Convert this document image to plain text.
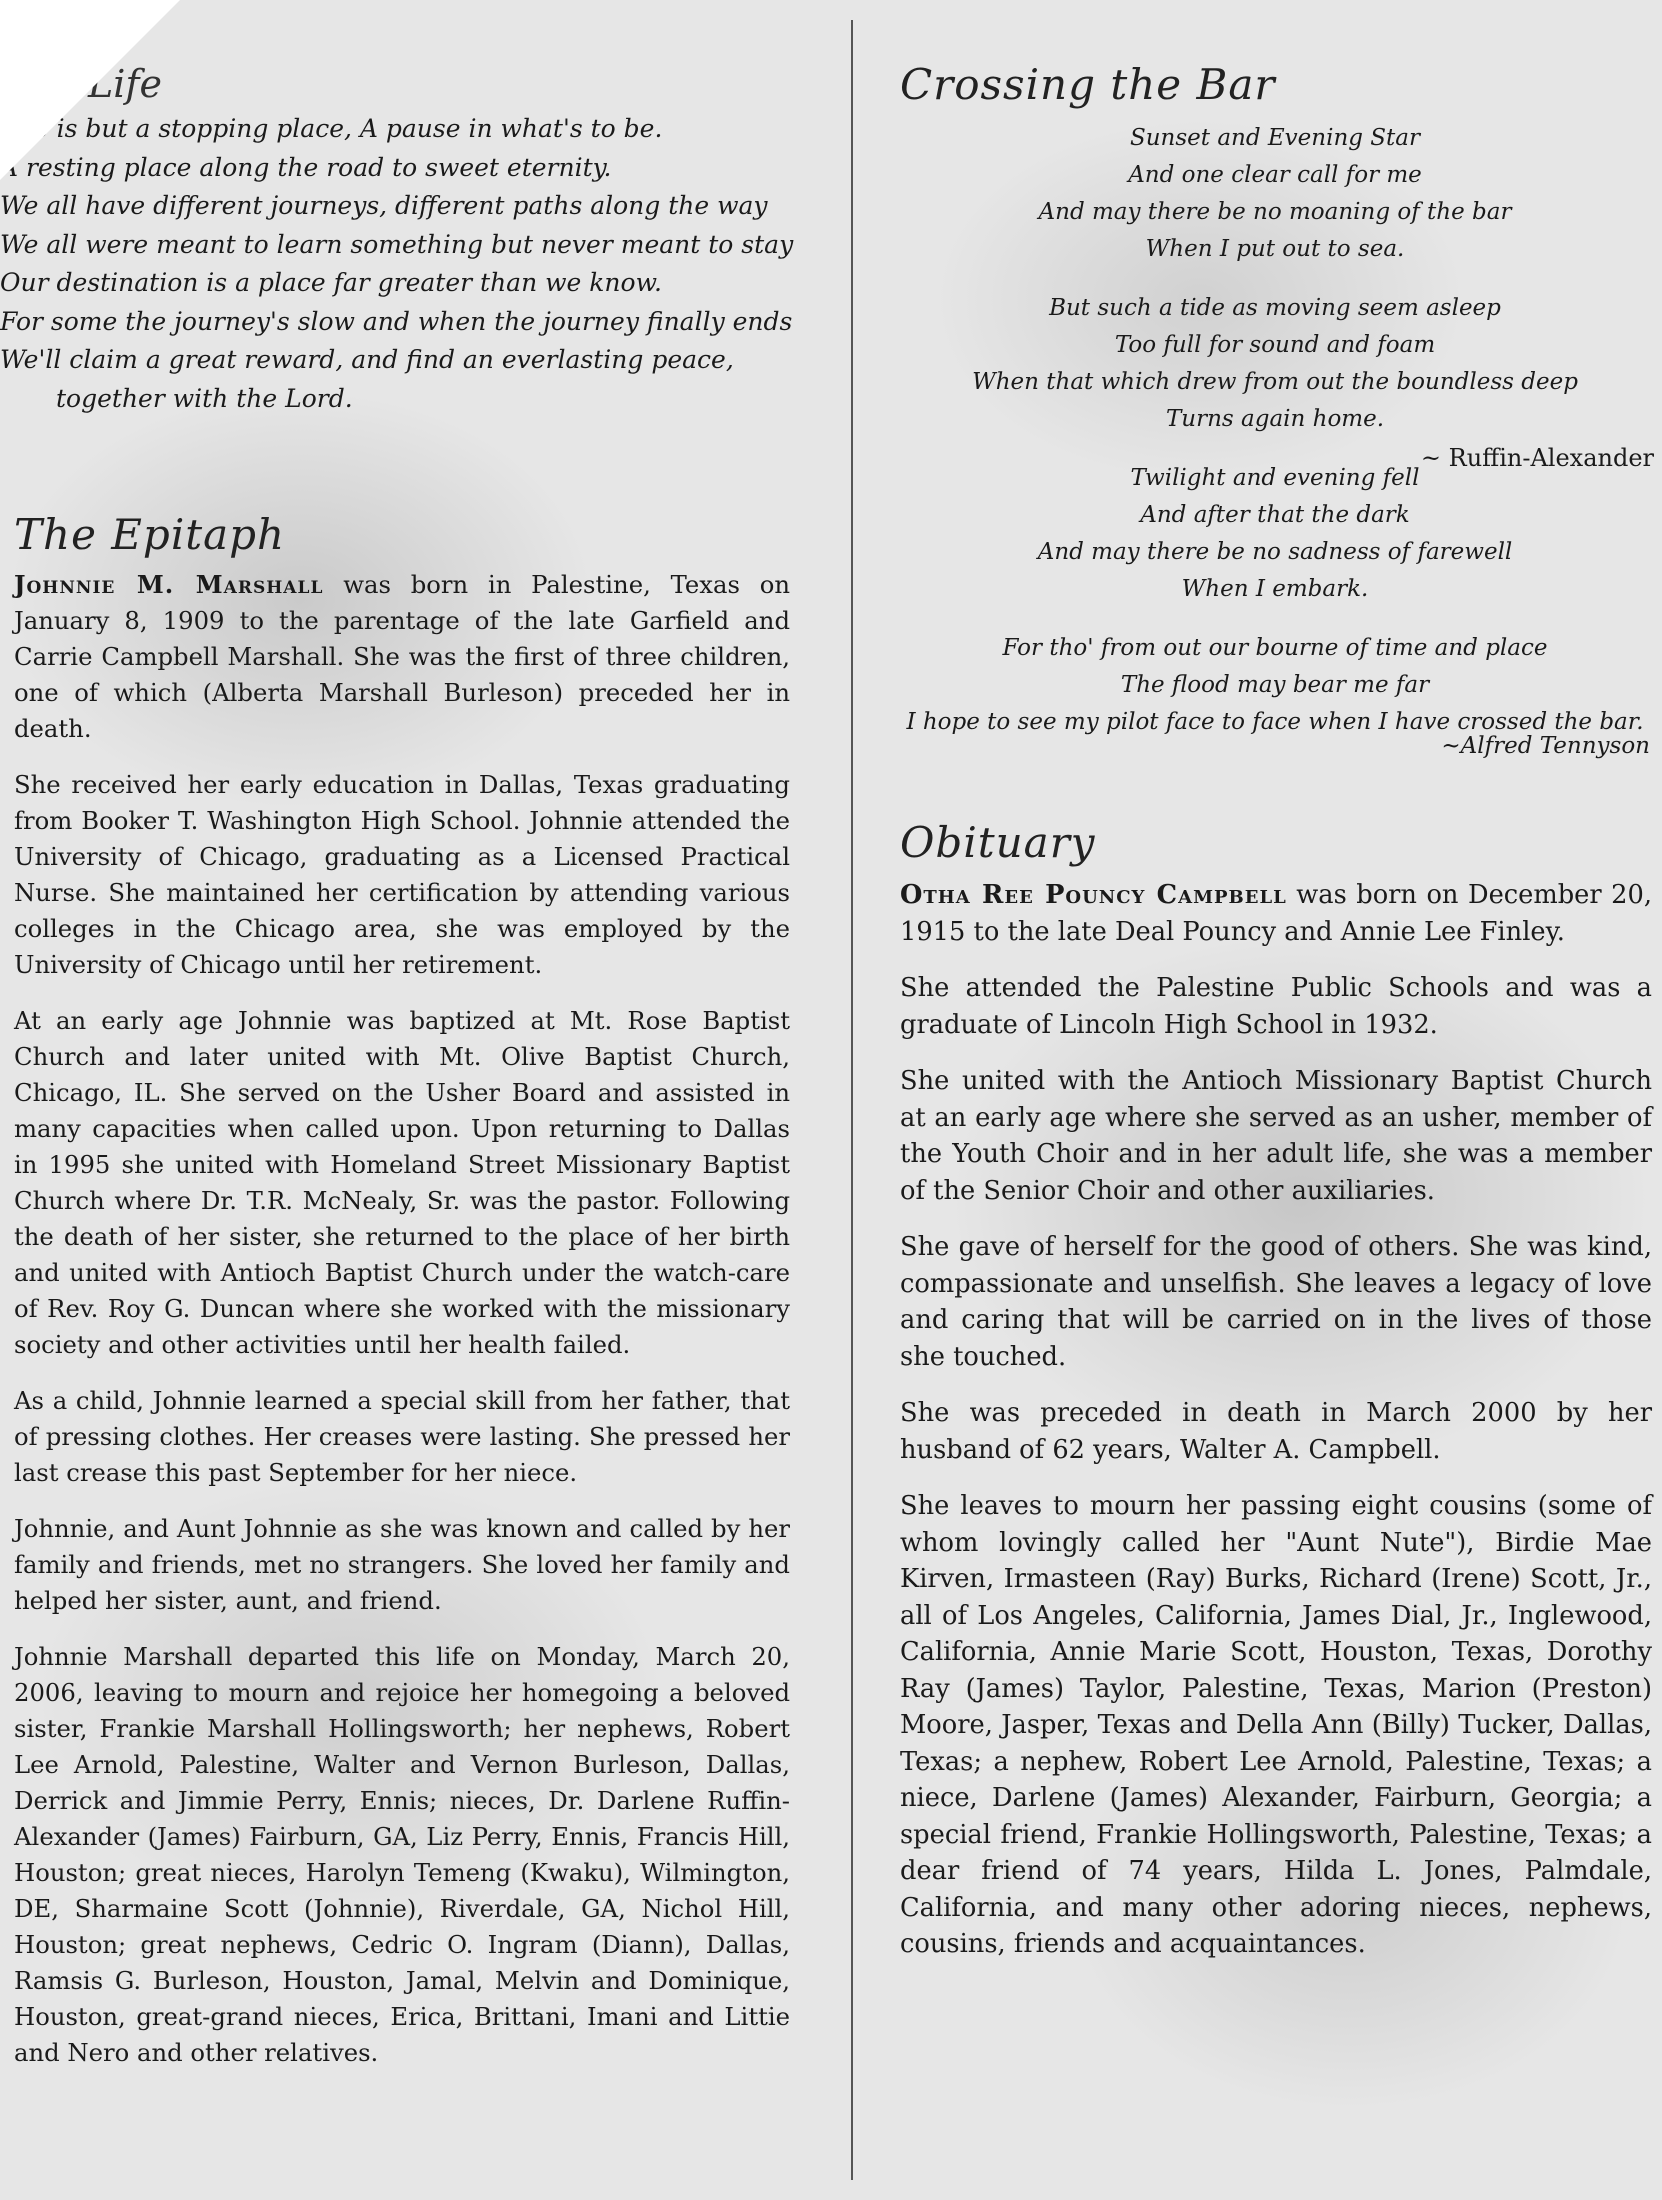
Life
Life is but a stopping place, A pause in what's to be.
A resting place along the road to sweet eternity.
We all have different journeys, different paths along the way
We all were meant to learn something but never meant to stay
Our destination is a place far greater than we know.
For some the journey's slow and when the journey finally ends
We'll claim a great reward, and find an everlasting peace,
together with the Lord.
~ Ruffin-Alexander
The Epitaph

Johnnie M. Marshall was born in Palestine, Texas on January 8, 1909 to the parentage of the late Garfield and Carrie Campbell Marshall. She was the first of three children, one of which (Alberta Marshall Burleson) preceded her in death.

She received her early education in Dallas, Texas graduating from Booker T. Washington High School. Johnnie attended the University of Chicago, graduating as a Licensed Practical Nurse. She maintained her certification by attending various colleges in the Chicago area, she was employed by the University of Chicago until her retirement.

At an early age Johnnie was baptized at Mt. Rose Baptist Church and later united with Mt. Olive Baptist Church, Chicago, IL. She served on the Usher Board and assisted in many capacities when called upon. Upon returning to Dallas in 1995 she united with Homeland Street Missionary Baptist Church where Dr. T.R. McNealy, Sr. was the pastor. Following the death of her sister, she returned to the place of her birth and united with Antioch Baptist Church under the watch-care of Rev. Roy G. Duncan where she worked with the missionary society and other activities until her health failed.

As a child, Johnnie learned a special skill from her father, that of pressing clothes. Her creases were lasting. She pressed her last crease this past September for her niece.

Johnnie, and Aunt Johnnie as she was known and called by her family and friends, met no strangers. She loved her family and helped her sister, aunt, and friend.

Johnnie Marshall departed this life on Monday, March 20, 2006, leaving to mourn and rejoice her homegoing a beloved sister, Frankie Marshall Hollingsworth; her nephews, Robert Lee Arnold, Palestine, Walter and Vernon Burleson, Dallas, Derrick and Jimmie Perry, Ennis; nieces, Dr. Darlene Ruffin-Alexander (James) Fairburn, GA, Liz Perry, Ennis, Francis Hill, Houston; great nieces, Harolyn Temeng (Kwaku), Wilmington, DE, Sharmaine Scott (Johnnie), Riverdale, GA, Nichol Hill, Houston; great nephews, Cedric O. Ingram (Diann), Dallas, Ramsis G. Burleson, Houston, Jamal, Melvin and Dominique, Houston, great-grand nieces, Erica, Brittani, Imani and Littie and Nero and other relatives.

Crossing the Bar
Sunset and Evening Star
And one clear call for me
And may there be no moaning of the bar
When I put out to sea.
But such a tide as moving seem asleep
Too full for sound and foam
When that which drew from out the boundless deep
Turns again home.
Twilight and evening fell
And after that the dark
And may there be no sadness of farewell
When I embark.
For tho' from out our bourne of time and place
The flood may bear me far
I hope to see my pilot face to face when I have crossed the bar.
~Alfred Tennyson
Obituary

Otha Ree Pouncy Campbell was born on December 20, 1915 to the late Deal Pouncy and Annie Lee Finley.

She attended the Palestine Public Schools and was a graduate of Lincoln High School in 1932.

She united with the Antioch Missionary Baptist Church at an early age where she served as an usher, member of the Youth Choir and in her adult life, she was a member of the Senior Choir and other auxiliaries.

She gave of herself for the good of others. She was kind, compassionate and unselfish. She leaves a legacy of love and caring that will be carried on in the lives of those she touched.

She was preceded in death in March 2000 by her husband of 62 years, Walter A. Campbell.

She leaves to mourn her passing eight cousins (some of whom lovingly called her "Aunt Nute"), Birdie Mae Kirven, Irmasteen (Ray) Burks, Richard (Irene) Scott, Jr., all of Los Angeles, California, James Dial, Jr., Inglewood, California, Annie Marie Scott, Houston, Texas, Dorothy Ray (James) Taylor, Palestine, Texas, Marion (Preston) Moore, Jasper, Texas and Della Ann (Billy) Tucker, Dallas, Texas; a nephew, Robert Lee Arnold, Palestine, Texas; a niece, Darlene (James) Alexander, Fairburn, Georgia; a special friend, Frankie Hollingsworth, Palestine, Texas; a dear friend of 74 years, Hilda L. Jones, Palmdale, California, and many other adoring nieces, nephews, cousins, friends and acquaintances.
